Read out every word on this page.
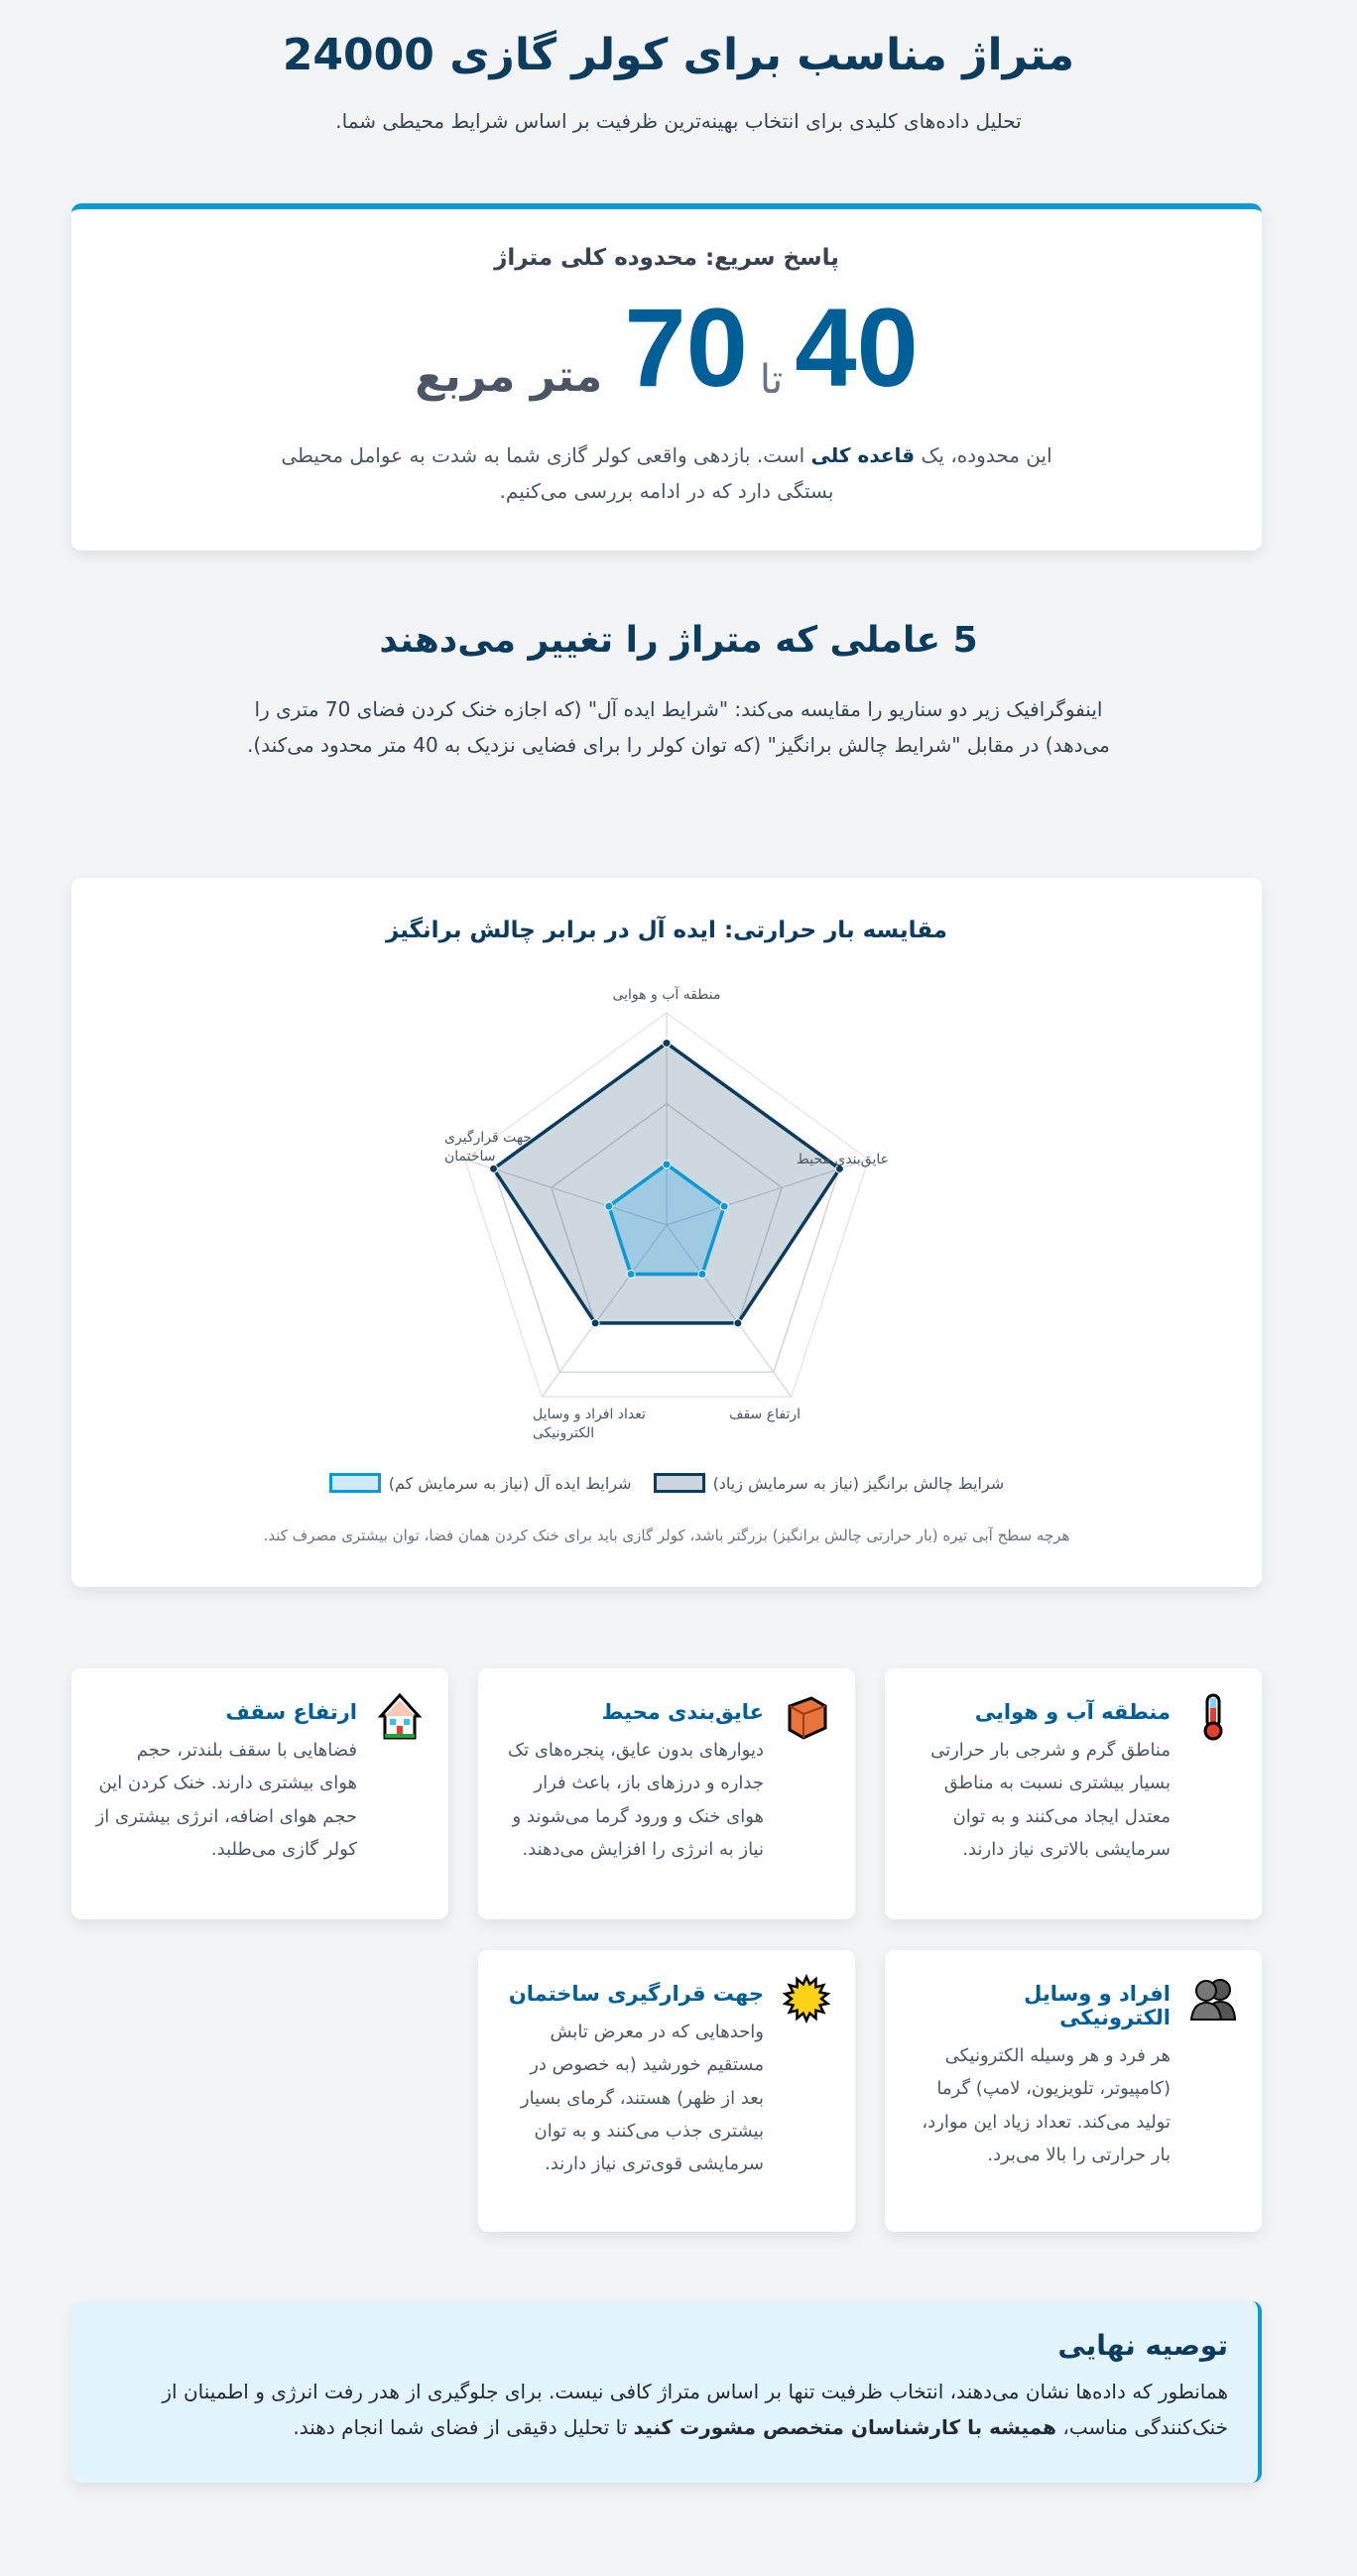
متراژ مناسب برای کولر گازی 24000

تحلیل داده‌های کلیدی برای انتخاب بهینه‌ترین ظرفیت بر اساس شرایط محیطی شما.

پاسخ سریع: محدوده کلی متراژ
40
تا
70
متر مربع

این محدوده، یک قاعده کلی است. بازدهی واقعی کولر گازی شما به شدت به عوامل محیطی بستگی دارد که در ادامه بررسی می‌کنیم.

5 عاملی که متراژ را تغییر می‌دهند

اینفوگرافیک زیر دو سناریو را مقایسه می‌کند: "شرایط ایده آل" (که اجازه خنک کردن فضای 70 متری را می‌دهد) در مقابل "شرایط چالش برانگیز" (که توان کولر را برای فضایی نزدیک به 40 متر محدود می‌کند).

منطقه آب و هوایی
عایق‌بندی محیط
ارتفاع سقف
تعداد افراد و وسایل الکترونیکی
جهت قرارگیری ساختمان
مقایسه بار حرارتی: ایده آل در برابر چالش برانگیز
شرایط چالش برانگیز (نیاز به سرمایش زیاد)
شرایط ایده آل (نیاز به سرمایش کم)

هرچه سطح آبی تیره (بار حرارتی چالش برانگیز) بزرگتر باشد، کولر گازی باید برای خنک کردن همان فضا، توان بیشتری مصرف کند.

منطقه آب و هوایی

مناطق گرم و شرجی بار حرارتی بسیار بیشتری نسبت به مناطق معتدل ایجاد می‌کنند و به توان سرمایشی بالاتری نیاز دارند.

عایق‌بندی محیط

دیوارهای بدون عایق، پنجره‌های تک جداره و درزهای باز، باعث فرار هوای خنک و ورود گرما می‌شوند و نیاز به انرژی را افزایش می‌دهند.

ارتفاع سقف

فضاهایی با سقف بلندتر، حجم هوای بیشتری دارند. خنک کردن این حجم هوای اضافه، انرژی بیشتری از کولر گازی می‌طلبد.

افراد و وسایل الکترونیکی

هر فرد و هر وسیله الکترونیکی (کامپیوتر، تلویزیون، لامپ) گرما تولید می‌کند. تعداد زیاد این موارد، بار حرارتی را بالا می‌برد.

جهت قرارگیری ساختمان

واحدهایی که در معرض تابش مستقیم خورشید (به خصوص در بعد از ظهر) هستند، گرمای بسیار بیشتری جذب می‌کنند و به توان سرمایشی قوی‌تری نیاز دارند.

توصیه نهایی

همانطور که داده‌ها نشان می‌دهند، انتخاب ظرفیت تنها بر اساس متراژ کافی نیست. برای جلوگیری از هدر رفت انرژی و اطمینان از خنک‌کنندگی مناسب، همیشه با کارشناسان متخصص مشورت کنید تا تحلیل دقیقی از فضای شما انجام دهند.
